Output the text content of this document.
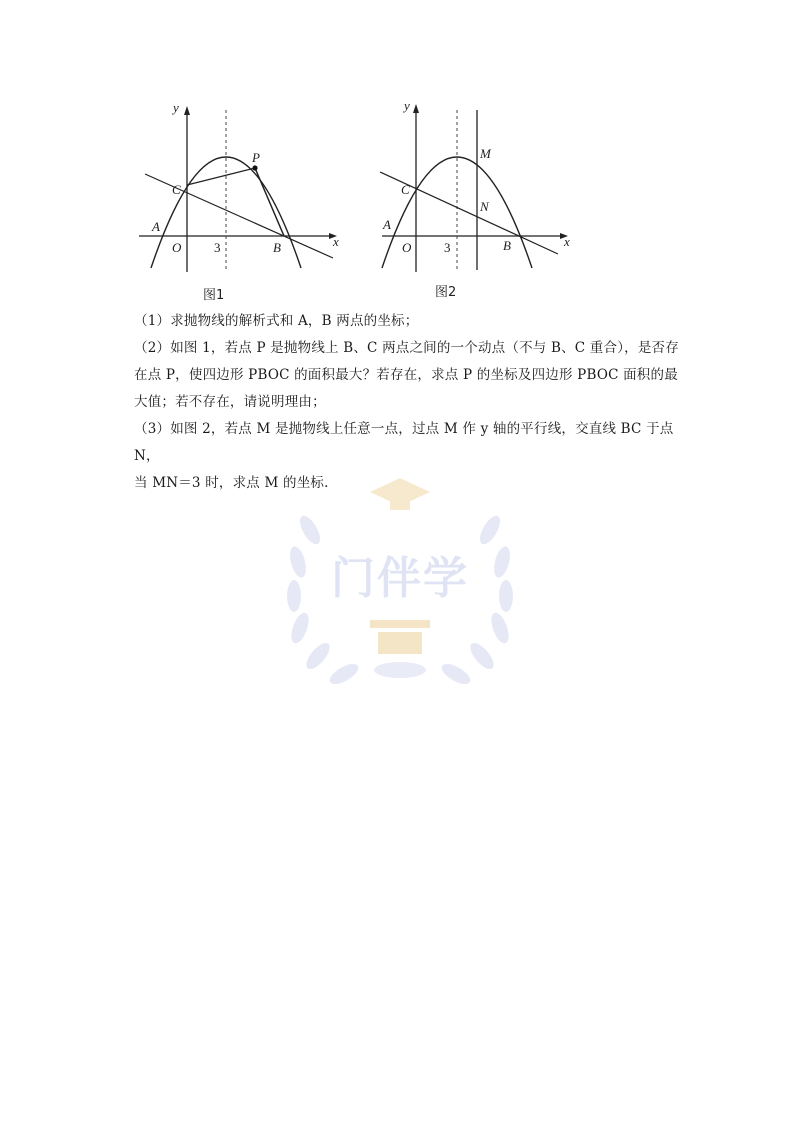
y
x
A
O	3	B
C
P
图1
y
x
A
O	3	B
C
M
N
图2

（1）求抛物线的解析式和 A，B 两点的坐标；

（2）如图 1，若点 P 是抛物线上 B、C 两点之间的一个动点（不与 B、C 重合），是否存

在点 P，使四边形 PBOC 的面积最大？若存在，求点 P 的坐标及四边形 PBOC 面积的最

大值；若不存在，请说明理由；

（3）如图 2，若点 M 是抛物线上任意一点，过点 M 作 y 轴的平行线，交直线 BC 于点 N，

当 MN＝3 时，求点 M 的坐标.

门伴学
